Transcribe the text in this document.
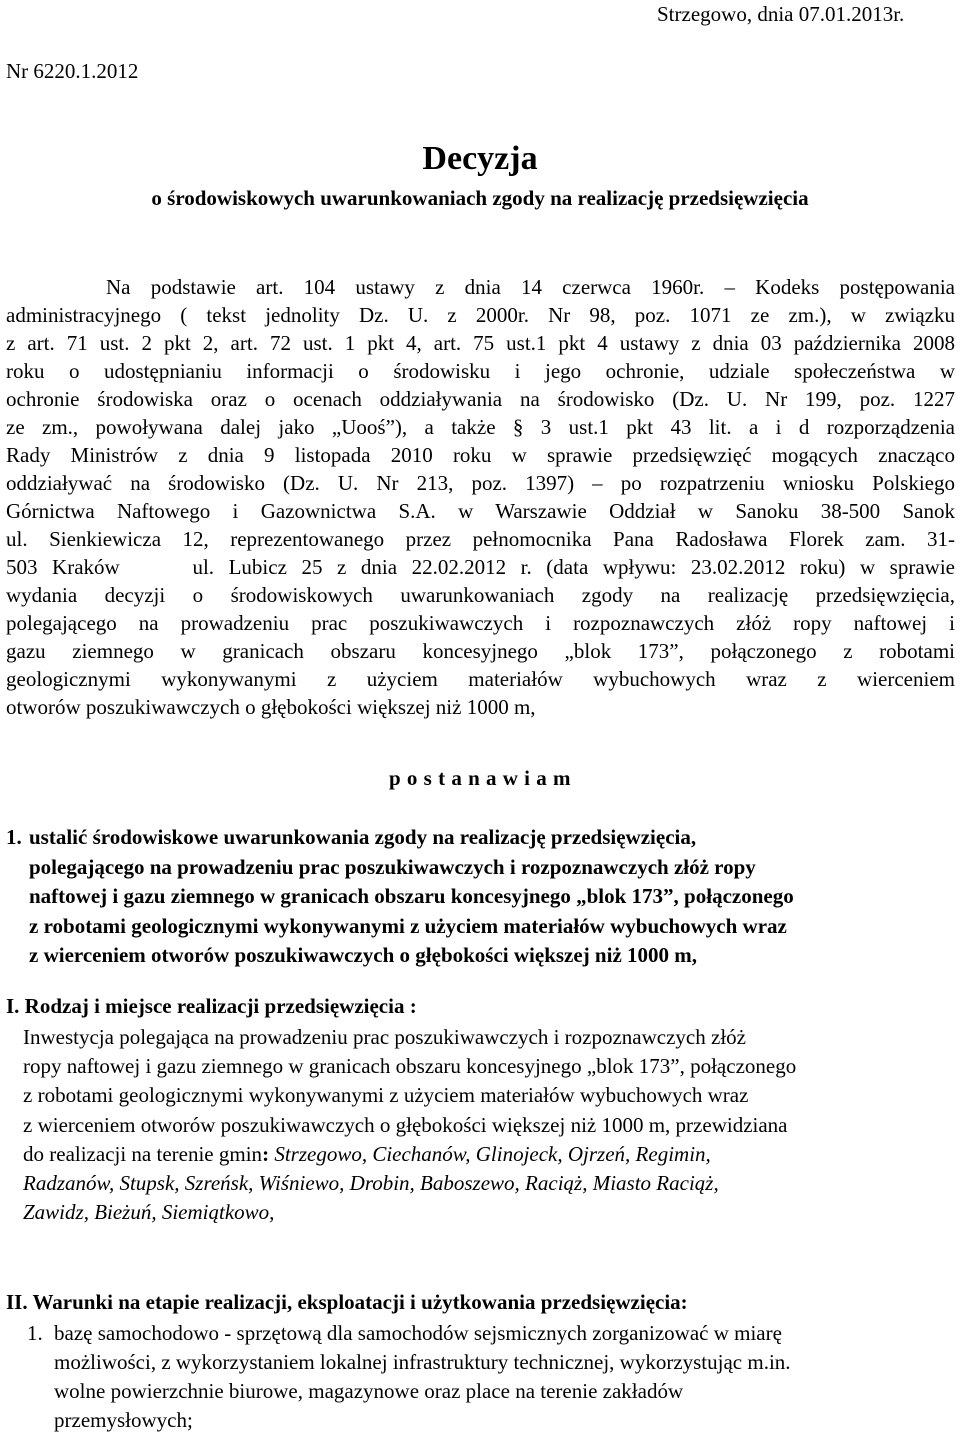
Strzegowo, dnia 07.01.2013r.
Nr 6220.1.2012
Decyzja
o środowiskowych uwarunkowaniach zgody na realizację przedsięwzięcia
Na podstawie art. 104 ustawy z dnia 14 czerwca 1960r. – Kodeks postępowania
administracyjnego ( tekst jednolity Dz. U. z 2000r. Nr 98, poz. 1071 ze zm.), w związku
z art. 71 ust. 2 pkt 2, art. 72 ust. 1 pkt 4, art. 75 ust.1 pkt 4 ustawy z dnia 03 października 2008
roku o udostępnianiu informacji o środowisku i jego ochronie, udziale społeczeństwa w
ochronie środowiska oraz o ocenach oddziaływania na środowisko (Dz. U. Nr 199, poz. 1227
ze zm., powoływana dalej jako „Uooś”), a także § 3 ust.1 pkt 43 lit. a i d rozporządzenia
Rady Ministrów z dnia 9 listopada 2010 roku w sprawie przedsięwzięć mogących znacząco
oddziaływać na środowisko (Dz. U. Nr 213, poz. 1397) – po rozpatrzeniu wniosku Polskiego
Górnictwa Naftowego i Gazownictwa S.A. w Warszawie Oddział w Sanoku 38-500 Sanok
ul. Sienkiewicza 12, reprezentowanego przez pełnomocnika Pana Radosława Florek zam. 31-
503 Kraków     ul. Lubicz 25 z dnia 22.02.2012 r. (data wpływu: 23.02.2012 roku) w sprawie
wydania decyzji o środowiskowych uwarunkowaniach zgody na realizację przedsięwzięcia,
polegającego na prowadzeniu prac poszukiwawczych i rozpoznawczych złóż ropy naftowej i
gazu ziemnego w granicach obszaru koncesyjnego „blok 173”, połączonego z robotami
geologicznymi wykonywanymi z użyciem materiałów wybuchowych wraz z wierceniem
otworów poszukiwawczych o głębokości większej niż 1000 m,
p o s t a n a w i a m
1. ustalić środowiskowe uwarunkowania zgody na realizację przedsięwzięcia,
polegającego na prowadzeniu prac poszukiwawczych i rozpoznawczych złóż ropy
naftowej i gazu ziemnego w granicach obszaru koncesyjnego „blok 173”, połączonego
z robotami geologicznymi wykonywanymi z użyciem materiałów wybuchowych wraz
z wierceniem otworów poszukiwawczych o głębokości większej niż 1000 m,
I. Rodzaj i miejsce realizacji przedsięwzięcia :
Inwestycja polegająca na prowadzeniu prac poszukiwawczych i rozpoznawczych złóż
ropy naftowej i gazu ziemnego w granicach obszaru koncesyjnego „blok 173”, połączonego
z robotami geologicznymi wykonywanymi z użyciem materiałów wybuchowych wraz
z wierceniem otworów poszukiwawczych o głębokości większej niż 1000 m, przewidziana
do realizacji na terenie gmin: Strzegowo, Ciechanów, Glinojeck, Ojrzeń, Regimin,
Radzanów, Stupsk, Szreńsk, Wiśniewo, Drobin, Baboszewo, Raciąż, Miasto Raciąż,
Zawidz, Bieżuń, Siemiątkowo,
II. Warunki na etapie realizacji, eksploatacji i użytkowania przedsięwzięcia:
1. bazę samochodowo - sprzętową dla samochodów sejsmicznych zorganizować w miarę
możliwości, z wykorzystaniem lokalnej infrastruktury technicznej, wykorzystując m.in.
wolne powierzchnie biurowe, magazynowe oraz place na terenie zakładów
przemysłowych;
